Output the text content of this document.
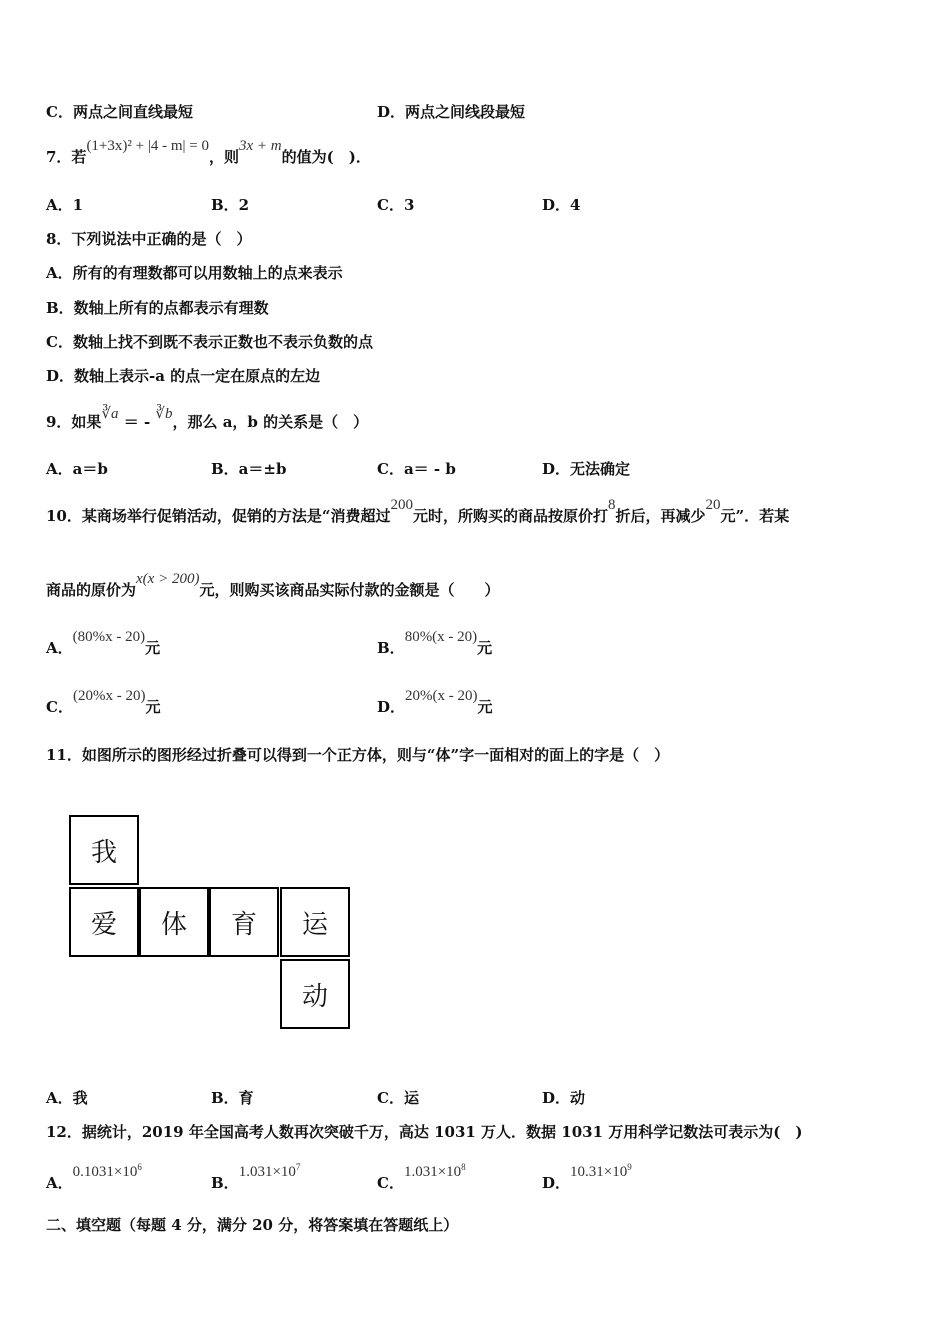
C．两点之间直线最短	D．两点之间线段最短
7．若(1+3x)² + |4 - m| = 0，则3x + m的值为(　)．
A．1	B．2	C．3	D．4
8．下列说法中正确的是（　）
A．所有的有理数都可以用数轴上的点来表示
B．数轴上所有的点都表示有理数
C．数轴上找不到既不表示正数也不表示负数的点
D．数轴上表示-a 的点一定在原点的左边
9．如果∛a ＝ - ∛b，那么 a，b 的关系是（　）
A．a＝b	B．a＝±b	C．a＝ - b	D．无法确定
10．某商场举行促销活动，促销的方法是“消费超过200元时，所购买的商品按原价打8折后，再减少20元”．若某
商品的原价为x(x > 200)元，则购买该商品实际付款的金额是（　　）
A．(80%x - 20)元	B．80%(x - 20)元
C．(20%x - 20)元	D．20%(x - 20)元
11．如图所示的图形经过折叠可以得到一个正方体，则与“体”字一面相对的面上的字是（　）
我
爱	体	育	运
动
A．我	B．育	C．运	D．动
12．据统计，2019 年全国高考人数再次突破千万，高达 1031 万人．数据 1031 万用科学记数法可表示为(　)
A．$0.1031\times 10^6$
B．$1.031\times 10^7$
C．$1.031\times 10^8$
D．$10.31\times 10^9$
二、填空题（每题 4 分，满分 20 分，将答案填在答题纸上）
